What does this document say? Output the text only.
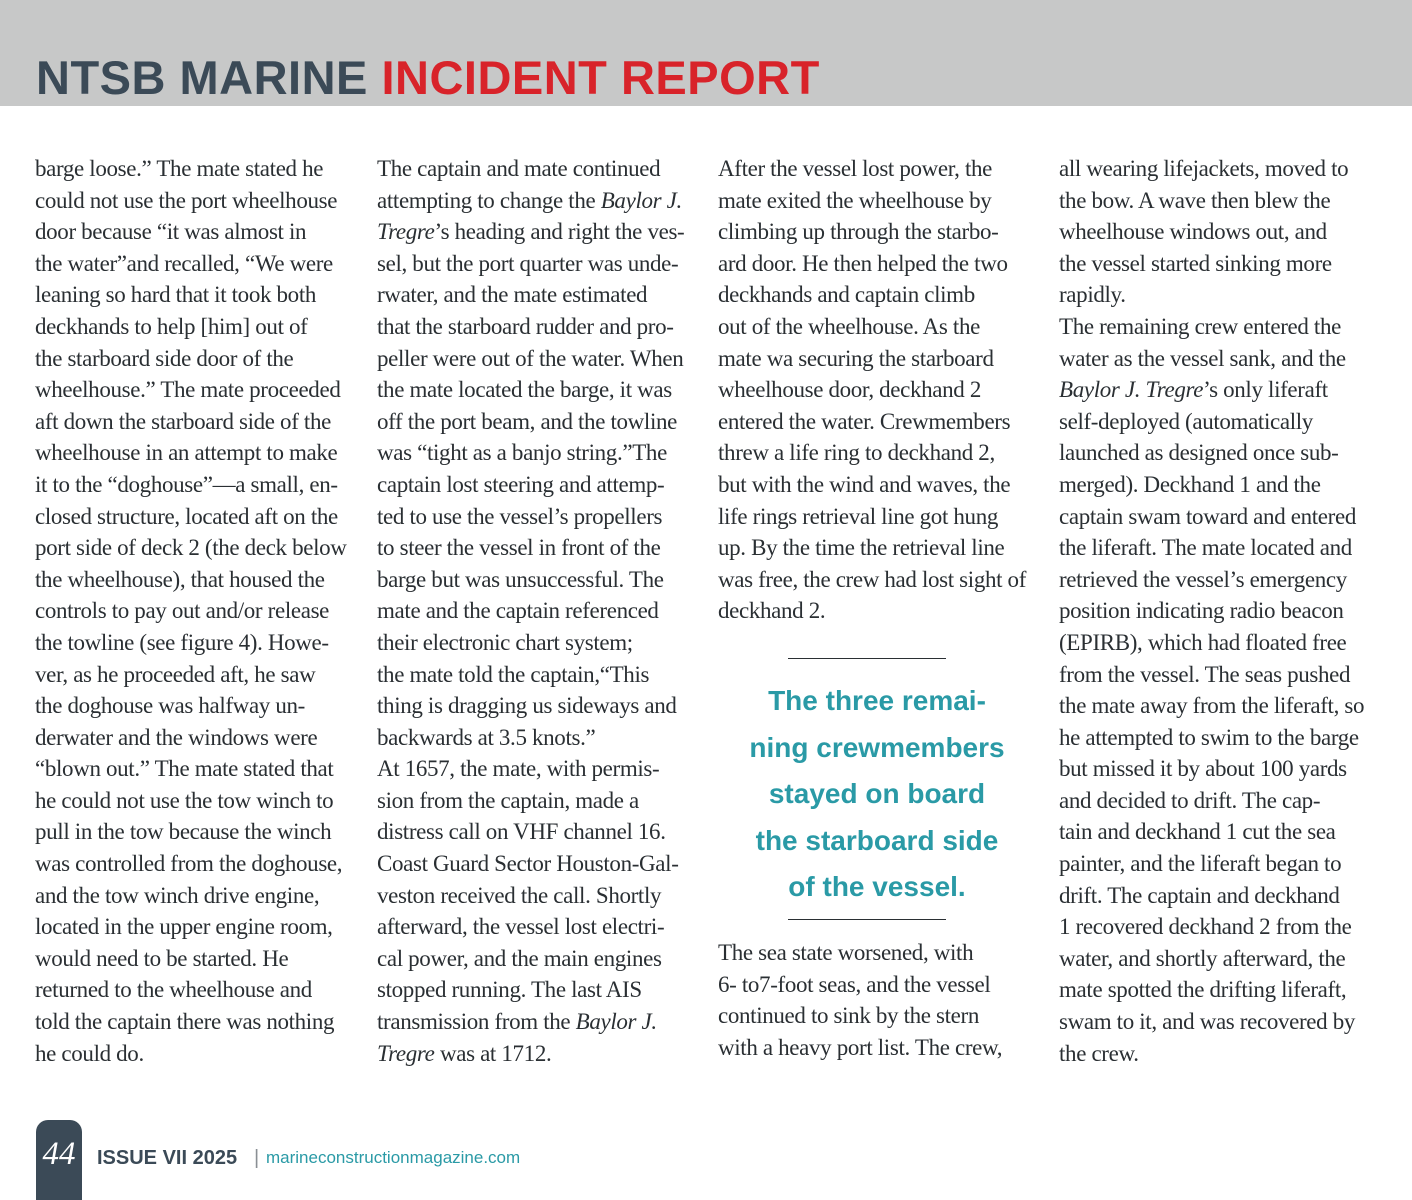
NTSB MARINE INCIDENT REPORT

barge loose.” The mate stated he
could not use the port wheelhouse
door because “it was almost in
the water”and recalled, “We were
leaning so hard that it took both
deckhands to help [him] out of
the starboard side door of the
wheelhouse.” The mate proceeded
aft down the starboard side of the
wheelhouse in an attempt to make
it to the “doghouse”—a small, en-
closed structure, located aft on the
port side of deck 2 (the deck below
the wheelhouse), that housed the
controls to pay out and/or release
the towline (see figure 4). Howe-
ver, as he proceeded aft, he saw
the doghouse was halfway un-
derwater and the windows were
“blown out.” The mate stated that
he could not use the tow winch to
pull in the tow because the winch
was controlled from the doghouse,
and the tow winch drive engine,
located in the upper engine room,
would need to be started. He
returned to the wheelhouse and
told the captain there was nothing
he could do.

The captain and mate continued
attempting to change the Baylor J.
Tregre’s heading and right the ves-
sel, but the port quarter was unde-
rwater, and the mate estimated
that the starboard rudder and pro-
peller were out of the water. When
the mate located the barge, it was
off the port beam, and the towline
was “tight as a banjo string.”The
captain lost steering and attemp-
ted to use the vessel’s propellers
to steer the vessel in front of the
barge but was unsuccessful. The
mate and the captain referenced
their electronic chart system;
the mate told the captain,“This
thing is dragging us sideways and
backwards at 3.5 knots.”
At 1657, the mate, with permis-
sion from the captain, made a
distress call on VHF channel 16.
Coast Guard Sector Houston-Gal-
veston received the call. Shortly
afterward, the vessel lost electri-
cal power, and the main engines
stopped running. The last AIS
transmission from the Baylor J.
Tregre was at 1712.

After the vessel lost power, the
mate exited the wheelhouse by
climbing up through the starbo-
ard door. He then helped the two
deckhands and captain climb
out of the wheelhouse. As the
mate wa securing the starboard
wheelhouse door, deckhand 2
entered the water. Crewmembers
threw a life ring to deckhand 2,
but with the wind and waves, the
life rings retrieval line got hung
up. By the time the retrieval line
was free, the crew had lost sight of
deckhand 2.

The three remai-
ning crewmembers
stayed on board
the starboard side
of the vessel.

The sea state worsened, with
6- to7-foot seas, and the vessel
continued to sink by the stern
with a heavy port list. The crew,

all wearing lifejackets, moved to
the bow. A wave then blew the
wheelhouse windows out, and
the vessel started sinking more
rapidly.
The remaining crew entered the
water as the vessel sank, and the
Baylor J. Tregre’s only liferaft
self-deployed (automatically
launched as designed once sub-
merged). Deckhand 1 and the
captain swam toward and entered
the liferaft. The mate located and
retrieved the vessel’s emergency
position indicating radio beacon
(EPIRB), which had floated free
from the vessel. The seas pushed
the mate away from the liferaft, so
he attempted to swim to the barge
but missed it by about 100 yards
and decided to drift. The cap-
tain and deckhand 1 cut the sea
painter, and the liferaft began to
drift. The captain and deckhand
1 recovered deckhand 2 from the
water, and shortly afterward, the
mate spotted the drifting liferaft,
swam to it, and was recovered by
the crew.

44	ISSUE VII 2025 | marineconstructionmagazine.com
